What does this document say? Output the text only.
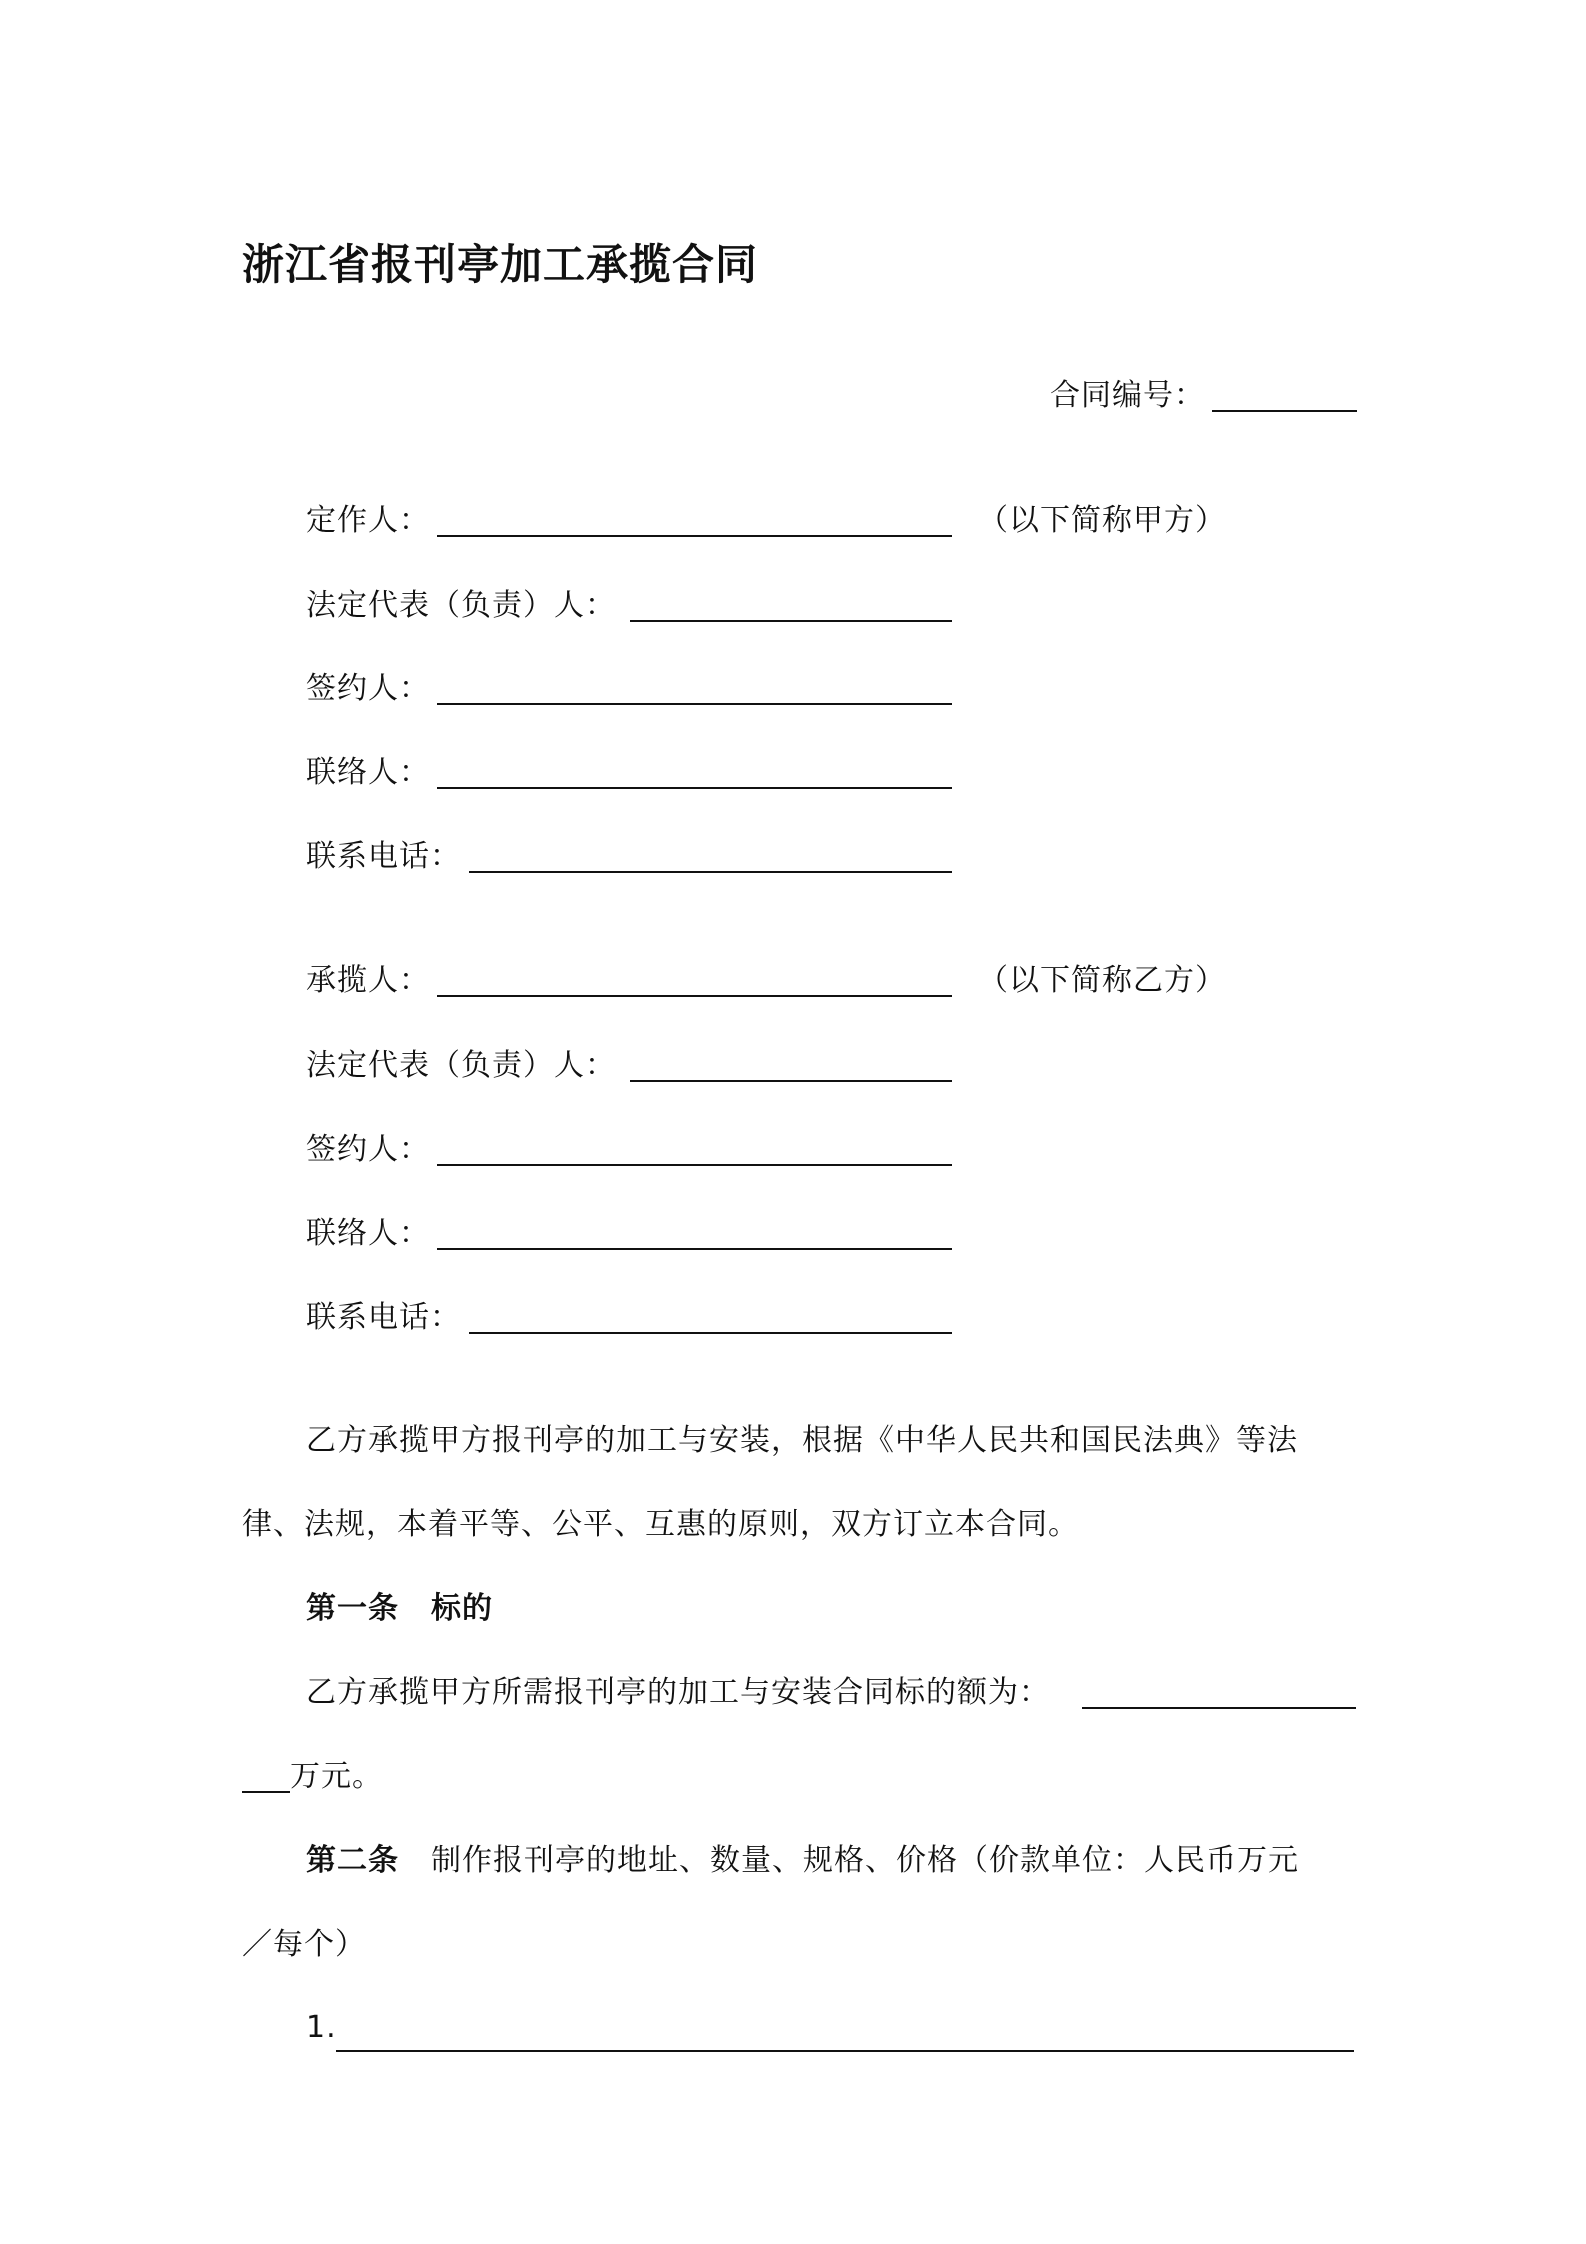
浙江省报刊亭加工承揽合同
合同编号：
定作人：	（以下简称甲方）
法定代表（负责）人：
签约人：
联络人：
联系电话：
承揽人：	（以下简称乙方）
法定代表（负责）人：
签约人：
联络人：
联系电话：
乙方承揽甲方报刊亭的加工与安装，根据《中华人民共和国民法典》等法
律、法规，本着平等、公平、互惠的原则，双方订立本合同。
第一条 标的
乙方承揽甲方所需报刊亭的加工与安装合同标的额为：
万元。
第二条 制作报刊亭的地址、数量、规格、价格（价款单位：人民币万元
／每个）
1.
